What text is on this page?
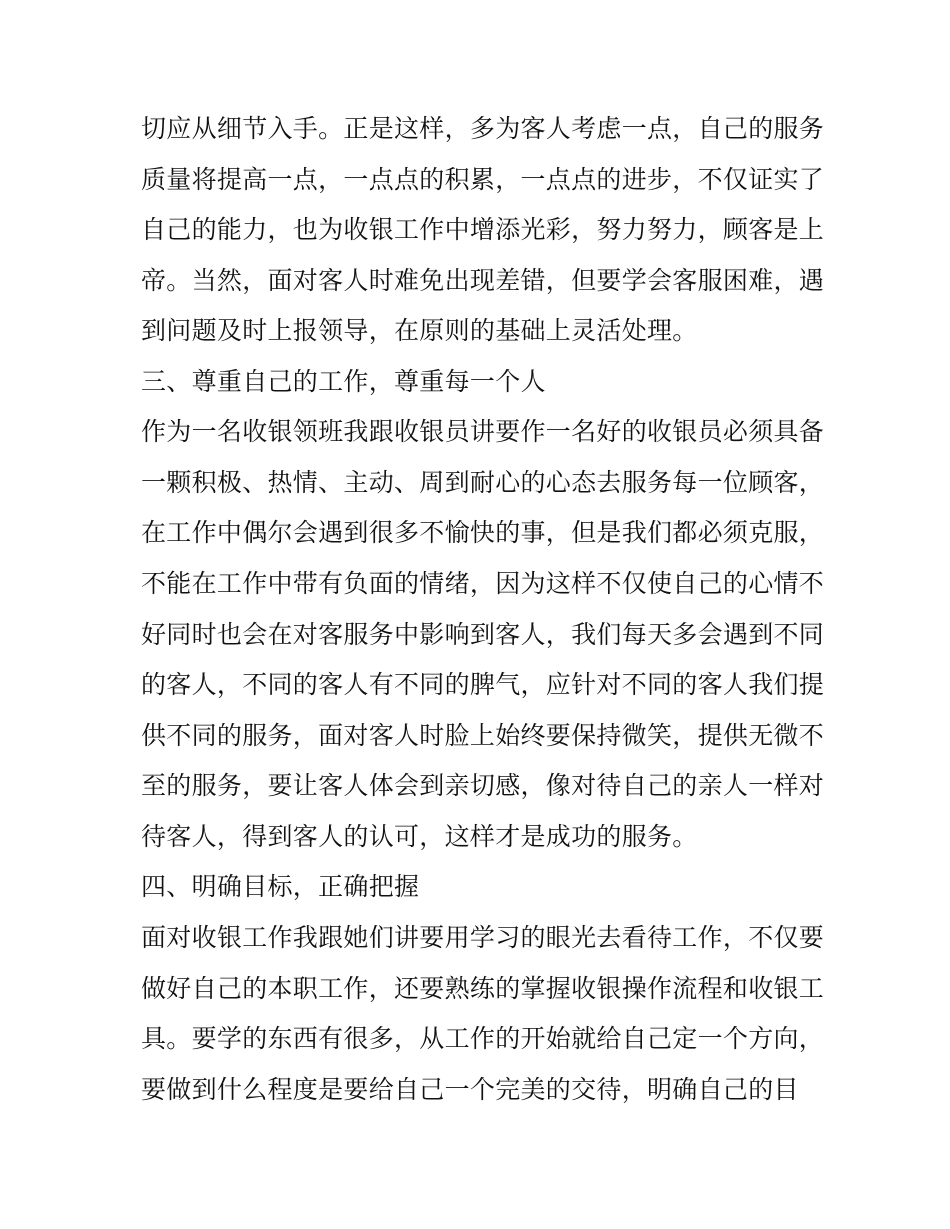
切应从细节入手。正是这样，多为客人考虑一点，自己的服务
质量将提高一点，一点点的积累，一点点的进步，不仅证实了
自己的能力，也为收银工作中增添光彩，努力努力，顾客是上
帝。当然，面对客人时难免出现差错，但要学会客服困难，遇
到问题及时上报领导，在原则的基础上灵活处理。
三、尊重自己的工作，尊重每一个人
作为一名收银领班我跟收银员讲要作一名好的收银员必须具备
一颗积极、热情、主动、周到耐心的心态去服务每一位顾客，
在工作中偶尔会遇到很多不愉快的事，但是我们都必须克服，
不能在工作中带有负面的情绪，因为这样不仅使自己的心情不
好同时也会在对客服务中影响到客人，我们每天多会遇到不同
的客人，不同的客人有不同的脾气，应针对不同的客人我们提
供不同的服务，面对客人时脸上始终要保持微笑，提供无微不
至的服务，要让客人体会到亲切感，像对待自己的亲人一样对
待客人，得到客人的认可，这样才是成功的服务。
四、明确目标，正确把握
面对收银工作我跟她们讲要用学习的眼光去看待工作，不仅要
做好自己的本职工作，还要熟练的掌握收银操作流程和收银工
具。要学的东西有很多，从工作的开始就给自己定一个方向，
要做到什么程度是要给自己一个完美的交待，明确自己的目
